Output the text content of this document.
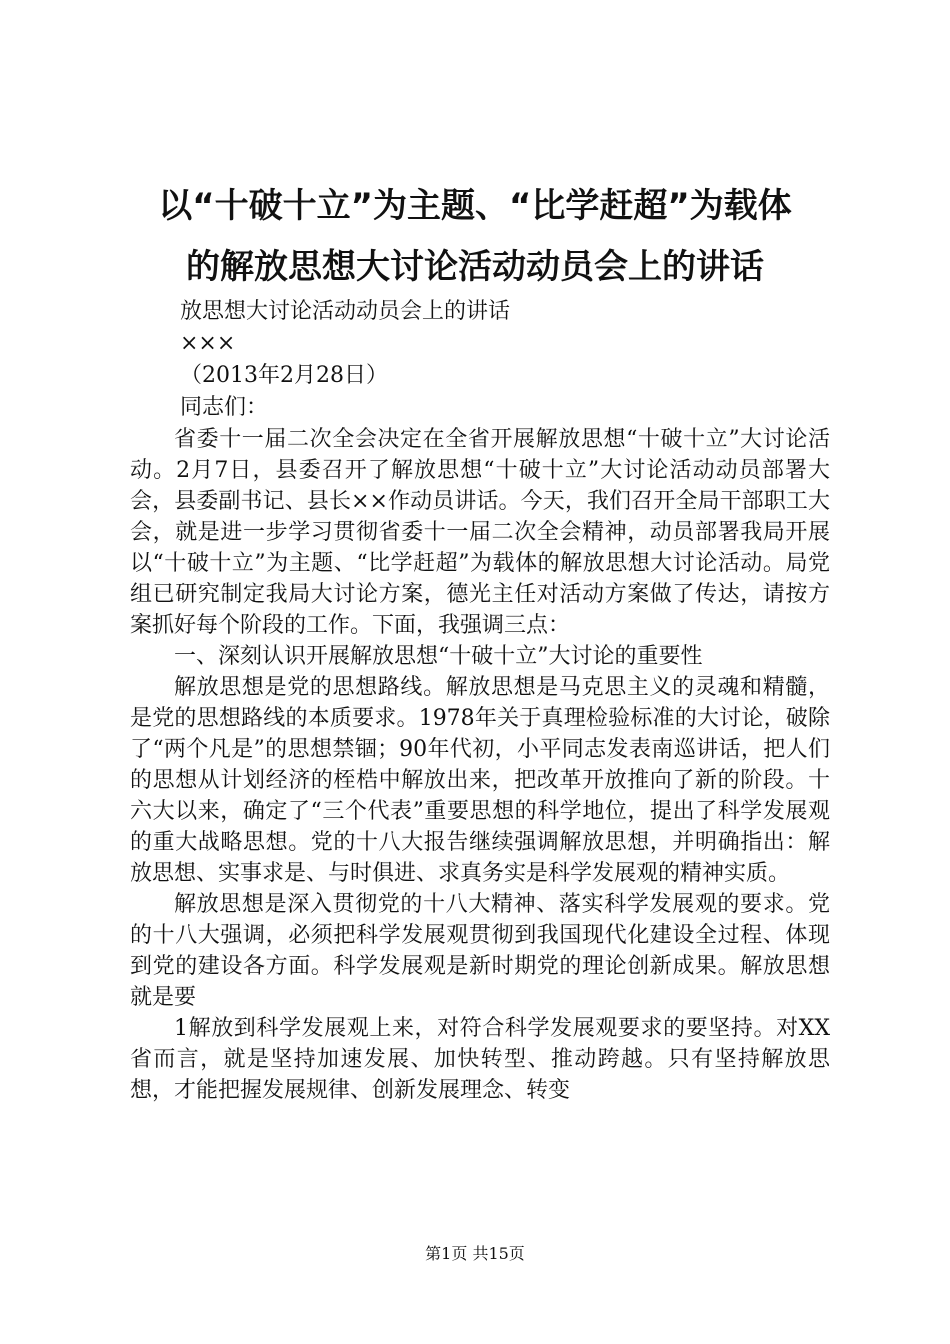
以“十破十立”为主题、“比学赶超”为载体
的解放思想大讨论活动动员会上的讲话
放思想大讨论活动动员会上的讲话
×××
（2013年2月28日）
同志们：

省委十一届二次全会决定在全省开展解放思想“十破十立”大讨论活动。2月7日，县委召开了解放思想“十破十立”大讨论活动动员部署大会，县委副书记、县长××作动员讲话。今天，我们召开全局干部职工大会，就是进一步学习贯彻省委十一届二次全会精神，动员部署我局开展以“十破十立”为主题、“比学赶超”为载体的解放思想大讨论活动。局党组已研究制定我局大讨论方案，德光主任对活动方案做了传达，请按方案抓好每个阶段的工作。下面，我强调三点：

一、深刻认识开展解放思想“十破十立”大讨论的重要性

解放思想是党的思想路线。解放思想是马克思主义的灵魂和精髓，是党的思想路线的本质要求。1978年关于真理检验标准的大讨论，破除了“两个凡是”的思想禁锢；90年代初，小平同志发表南巡讲话，把人们的思想从计划经济的桎梏中解放出来，把改革开放推向了新的阶段。十六大以来，确定了“三个代表”重要思想的科学地位，提出了科学发展观的重大战略思想。党的十八大报告继续强调解放思想，并明确指出：解放思想、实事求是、与时俱进、求真务实是科学发展观的精神实质。

解放思想是深入贯彻党的十八大精神、落实科学发展观的要求。党的十八大强调，必须把科学发展观贯彻到我国现代化建设全过程、体现到党的建设各方面。科学发展观是新时期党的理论创新成果。解放思想就是要

1解放到科学发展观上来，对符合科学发展观要求的要坚持。对XX省而言，就是坚持加速发展、加快转型、推动跨越。只有坚持解放思想，才能把握发展规律、创新发展理念、转变

第1页 共15页
